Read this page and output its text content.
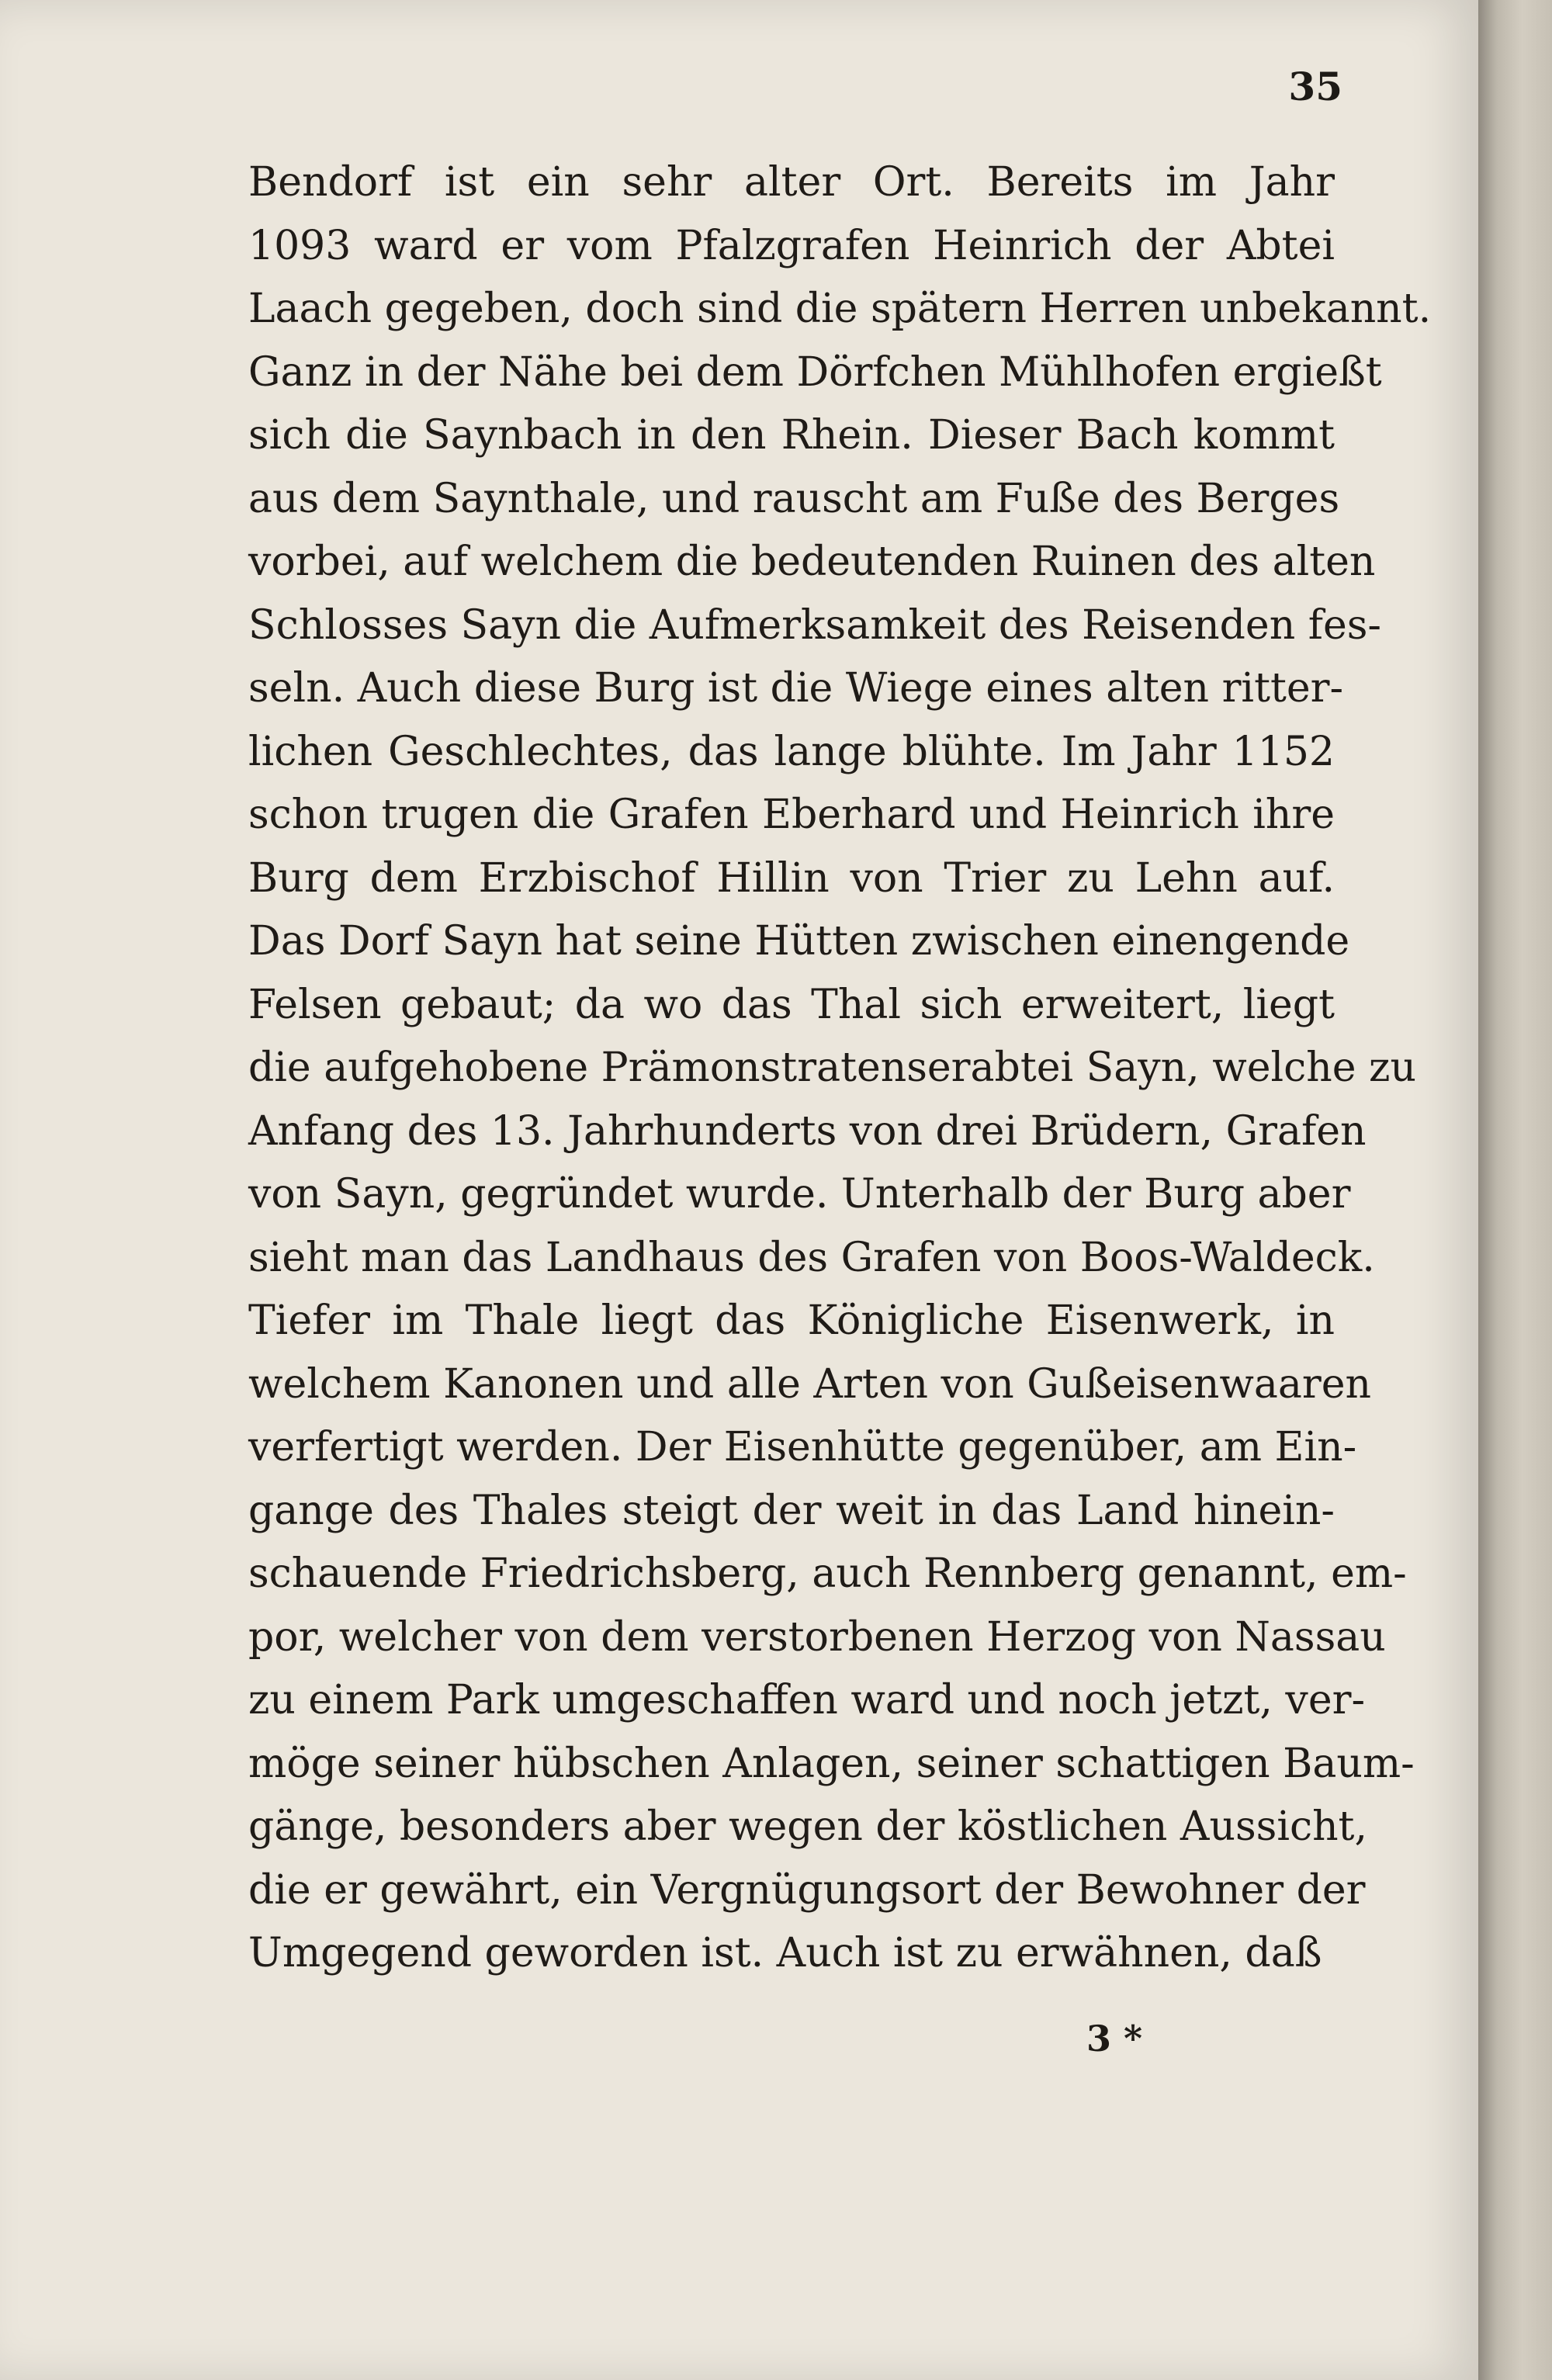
35
Bendorf ist ein sehr alter Ort. Bereits im Jahr
1093 ward er vom Pfalzgrafen Heinrich der Abtei
Laach gegeben, doch sind die spätern Herren unbekannt.
Ganz in der Nähe bei dem Dörfchen Mühlhofen ergießt
sich die Saynbach in den Rhein. Dieser Bach kommt
aus dem Saynthale, und rauscht am Fuße des Berges
vorbei, auf welchem die bedeutenden Ruinen des alten
Schlosses Sayn die Aufmerksamkeit des Reisenden fes-
seln. Auch diese Burg ist die Wiege eines alten ritter-
lichen Geschlechtes, das lange blühte. Im Jahr 1152
schon trugen die Grafen Eberhard und Heinrich ihre
Burg dem Erzbischof Hillin von Trier zu Lehn auf.
Das Dorf Sayn hat seine Hütten zwischen einengende
Felsen gebaut; da wo das Thal sich erweitert, liegt
die aufgehobene Prämonstratenserabtei Sayn, welche zu
Anfang des 13. Jahrhunderts von drei Brüdern, Grafen
von Sayn, gegründet wurde. Unterhalb der Burg aber
sieht man das Landhaus des Grafen von Boos-Waldeck.
Tiefer im Thale liegt das Königliche Eisenwerk, in
welchem Kanonen und alle Arten von Gußeisenwaaren
verfertigt werden. Der Eisenhütte gegenüber, am Ein-
gange des Thales steigt der weit in das Land hinein-
schauende Friedrichsberg, auch Rennberg genannt, em-
por, welcher von dem verstorbenen Herzog von Nassau
zu einem Park umgeschaffen ward und noch jetzt, ver-
möge seiner hübschen Anlagen, seiner schattigen Baum-
gänge, besonders aber wegen der köstlichen Aussicht,
die er gewährt, ein Vergnügungsort der Bewohner der
Umgegend geworden ist. Auch ist zu erwähnen, daß
3 *
